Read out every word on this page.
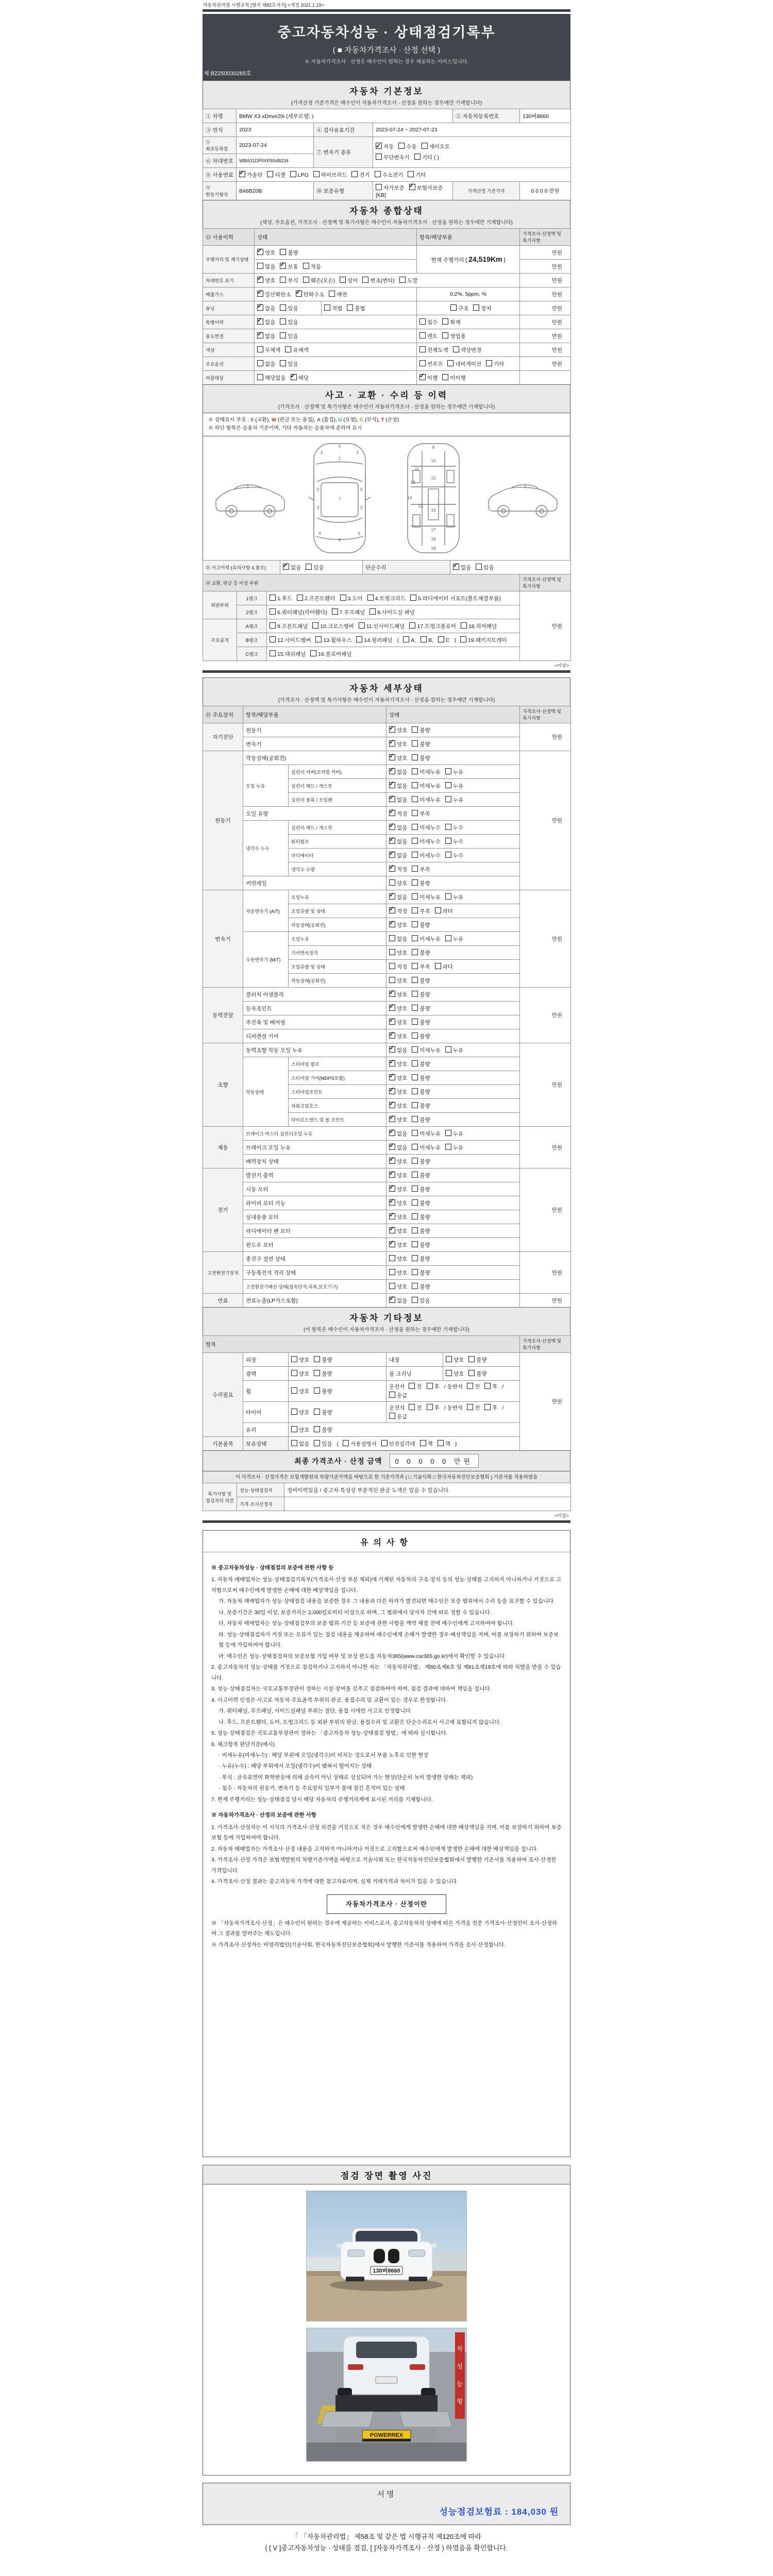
자동차관리법 시행규칙 [별지 제82호서식] <개정 2021.1.19>
중고자동차성능 · 상태점검기록부
( ■ 자동차가격조사 · 산정 선택 )
※ 자동차가격조사 · 산정은 매수인이 원하는 경우 제공하는 서비스입니다.
제 B2250030265호
자동차 기본정보
(가격산정 기준가격은 매수인이 자동차가격조사 · 산정을 원하는 경우에만 기재합니다)
① 차명	BMW X3 xDrive20i (세부모델: )			② 자동차등록번호	130버8660
③ 연식	2023	④ 검사유효기간	2023-07-24 ~ 2027-07-23		
⑤ 최초등록일	2023-07-24	⑦ 변속기 종류	
✓자동 수동 세미오토
무단변속기 기타 ( )

⑥ 차대번호	WBA31DP0XP9S48234				
⑧ 사용연료	✓가솔린 디젤 LPG 하이브리드 전기 수소전기 기타
⑨ 원동기형식	B46B20B	⑩ 보증유형	자가보증 ✓ 보험사보증[KB]	가격산정 기준가격	0 0 0 0 만원
자동차 종합상태
(색상, 주요옵션, 가격조사 · 산정액 및 특기사항은 매수인이 자동차가격조사 · 산정을 원하는 경우에만 기재합니다)
⑫ 사용이력	상태		항목/해당부품	가격조사·산정액 및 특기사항
주행거리 및 계기상태	✓양호 불량		현재 주행거리 [ 24,519Km ]	만원
	많음 ✓ 보통 적음			만원
차대번호 표기	✓양호 부식 훼손(오손) 상이 변조(변타) 도말			만원
배출가스	✓일산화탄소 ✓ 탄화수소 매연		0.2%, 5ppm, %	만원
튜닝	✓없음 있음	적법 불법	구조 장치	만원
특별이력	✓없음 있음		침수 화재	만원
용도변경	✓없음 있음		렌트 영업용	만원
색상	무채색 유채색		전체도색 색상변경	만원
주요옵션	없음 있음		썬루프 네비게이션 기타	만원
리콜대상	해당없음 ✓ 해당	✓이행 미이행	
사고 · 교환 · 수리 등 이력
(가격조사 · 산정액 및 특기사항은 매수인이 자동차가격조사 · 산정을 원하는 경우에만 기재합니다)
※ 상태표시 부호 : X (교환), W (판금 또는 용접), A (흠집), U (요철), C (부식), T (손상)
※ 하단 항목은 승용차 기준이며, 기타 자동차는 승용차에 준하여 표시
1
2	2
3	3
3	3
7
6	6
4
5	9
10
11
13
14
15
12
16
17
19
18
⑬ 사고이력 (유의사항 4.참조)	✓없음 있음	단순수리	✓없음 있음
⑭ 교환, 판금 등 이상 부위			가격조사·산정액 및 특기사항
외판부위	1랭크	1.후드 2.프론트휀더 3.도어 4.트렁크리드 5.라디에이터 서포트(볼트체결부품)	만원
	2랭크	6.쿼터패널(리어휀다) 7.루프패널 8.사이드실 패널	
주요골격	A랭크	9.프론트패널 10.크로스멤버 11.인사이드패널 17.트렁크플로어 18.리어패널	
	B랭크	12.사이드멤버 13.휠하우스 14.필러패널 ( A, B, C ) 19.패키지트레이	
	C랭크	15.대쉬패널 16.플로어패널	
<이상>
자동차 세부상태
(가격조사 · 산정액 및 특기사항은 매수인이 자동차가격조사 · 산정을 원하는 경우에만 기재합니다)
⑮ 주요장치	항목/해당부품		상태	가격조사·산정액 및 특기사항
자기진단	원동기	✓양호 불량	만원
	변속기	✓양호 불량
원동기	작동상태(공회전)	✓양호 불량	만원
	오일 누유	실린더 커버(로커암 커버)	✓없음 미세누유 누유
		실린더 헤드 / 개스킷	✓없음 미세누유 누유
		실린더 블록 / 오일팬	✓없음 미세누유 누유
	오일 유량	✓적정 부족
	냉각수 누수	실린더 헤드 / 개스킷	✓없음 미세누수 누수
		워터펌프	✓없음 미세누수 누수
		라디에이터	✓없음 미세누수 누수
		냉각수 수량	✓적정 부족
	커먼레일		양호 불량	
변속기	자동변속기 (A/T)	오일누유	✓없음 미세누유 누유	만원
		오일유량 및 상태	✓적정 부족 과다
		작동상태(공회전)	✓양호 불량
	수동변속기 (M/T)	오일누유	없음 미세누유 누유	
		기어변속장치	양호 불량	
		오일유량 및 상태	적정 부족 과다	
		작동상태(공회전)	양호 불량	
동력전달	클러치 어셈블리	✓양호 불량	만원
	등속조인트	✓양호 불량
	추진축 및 베어링	✓양호 불량
	디퍼렌셜 기어	✓양호 불량
조향	동력조향 작동 오일 누유	✓없음 미세누유 누유	만원
	작동상태	스티어링 펌프	✓양호 불량
		스티어링 기어(MDPS포함)	✓양호 불량
		스티어링조인트	✓양호 불량
		파워고압호스	✓양호 불량
		타이로드엔드 및 볼 조인트	✓양호 불량
제동	브레이크 마스터 실린더오일 누유	✓없음 미세누유 누유	만원
	브레이크 오일 누유	✓없음 미세누유 누유
	배력장치 상태	✓양호 불량
전기	발전기 출력	✓양호 불량	만원
	시동 모터	✓양호 불량
	와이퍼 모터 기능	✓양호 불량
	실내송풍 모터	✓양호 불량
	라디에이터 팬 모터	✓양호 불량
	윈도우 모터	✓양호 불량
고전원전기장치	충전구 절연 상태		양호 불량	만원
	구동축전지 격리 상태		양호 불량	
	고전원전기배선 상태(접속단자,피복,보호기구)		양호 불량	
연료	연료누출(LP가스포함)	✓없음 있음	만원
자동차 기타정보
(이 항목은 매수인이 자동차가격조사 · 산정을 원하는 경우에만 기재합니다)
항목					가격조사·산정액 및 특기사항
수리필요	외장	양호 불량	내장	양호 불량	만원
	광택	양호 불량	룸 크리닝	양호 불량	
	휠	양호 불량	운전석 전 후 / 동반석 전 후 /응급		
	타이어	양호 불량	운전석 전 후 / 동반석 전 후 /응급		
	유리	양호 불량			
기본품목	보유상태	없음 있음 ( 사용설명서 안전삼각대 잭 잭 )			
최종 가격조사 · 산정 금액	0 0 0 0 0 만원
이 가격조사 · 산정가격은 보험개발원의 차량기준가액을 바탕으로 한 기준가격과 ( □ 기술사회 □ 한국자동차진단보증협회 ) 기준서를 적용하였음
특기사항 및 점검자의 의견	성능·상태점검자	정비이력있음 / 중고차 특성상 부분적인 판금 도색은 있을 수 있습니다.
	가격·조사산정자	
<이상>
유의사항
※ 중고자동차성능 · 상태점검의 보증에 관한 사항 등
1. 자동차 매매업자는 성능·상태점검기록부(가격조사·산정 부분 제외)에 기재된 자동차의 구조·장치 등의 성능·상태를 고지하지 아니하거나 거짓으로 고지함으로써 매수인에게 발생한 손해에 대한 배상책임을 집니다.
가. 자동차 매매업자가 성능·상태점검 내용을 보증한 경우 그 내용과 다른 하자가 발견되면 매수인은 보증 범위에서 수리 등을 요구할 수 있습니다.
나. 보증기간은 30일 이상, 보증거리는 2,000킬로미터 이상으로 하며, 그 범위에서 당사자 간에 따로 정할 수 있습니다.
다. 자동차 매매업자는 성능·상태점검부의 보증 범위·기간 등 보증에 관한 사항을 계약 체결 전에 매수인에게 고지하여야 합니다.
라. 성능·상태점검자가 거짓 또는 오류가 있는 점검 내용을 제공하여 매수인에게 손해가 발생한 경우 배상책임을 지며, 이를 보장하기 위하여 보증보험 등에 가입하여야 합니다.
마. 매수인은 성능·상태점검자의 보증보험 가입 여부 및 보상 한도를 자동차365(www.car365.go.kr)에서 확인할 수 있습니다.
2. 중고자동차의 성능·상태를 거짓으로 점검하거나 고지하지 아니한 자는 「자동차관리법」 제80조제6호 및 제81조제19호에 따라 처벌을 받을 수 있습니다.
3. 성능·상태점검자는 국토교통부장관이 정하는 시설·장비를 갖추고 점검하여야 하며, 점검 결과에 대하여 책임을 집니다.
4. 사고이력 인정은 사고로 자동차 주요골격 부위의 판금, 용접수리 및 교환이 있는 경우로 한정합니다.
가. 쿼터패널, 루프패널, 사이드실패널 부위는 절단, 용접 시에만 사고로 인정합니다.
나. 후드, 프론트휀더, 도어, 트렁크리드 등 외판 부위의 판금, 용접수리 및 교환은 단순수리로서 사고에 포함되지 않습니다.
5. 성능·상태점검은 국토교통부장관이 정하는 「중고자동차 성능·상태점검 방법」에 따라 실시합니다.
6. 체크항목 판단기준(예시)
· 미세누유(미세누수) : 해당 부위에 오일(냉각수)이 비치는 정도로서 부품 노후로 인한 현상
· 누유(누수) : 해당 부위에서 오일(냉각수)이 맺혀서 떨어지는 상태
· 부식 : 금속표면이 화학반응에 의해 금속이 아닌 상태로 상실되어 가는 현상(단순히 녹이 발생한 상태는 제외)
· 침수 : 자동차의 원동기, 변속기 등 주요장치 일부가 물에 잠긴 흔적이 있는 상태
7. 현재 주행거리는 성능·상태점검 당시 해당 자동차의 주행거리계에 표시된 거리를 기재합니다.
※ 자동차가격조사 · 산정의 보증에 관한 사항
1. 가격조사·산정자는 이 서식의 가격조사·산정 의견을 거짓으로 적은 경우 매수인에게 발생한 손해에 대한 배상책임을 지며, 이를 보장하기 위하여 보증보험 등에 가입하여야 합니다.
2. 자동차 매매업자는 가격조사·산정 내용을 고지하지 아니하거나 거짓으로 고지함으로써 매수인에게 발생한 손해에 대한 배상책임을 집니다.
3. 가격조사·산정 가격은 보험개발원의 차량기준가액을 바탕으로 기술사회 또는 한국자동차진단보증협회에서 발행한 기준서를 적용하여 조사·산정한 가격입니다.
4. 가격조사·산정 결과는 중고자동차 가격에 대한 참고자료이며, 실제 거래가격과 차이가 있을 수 있습니다.
자동차가격조사 · 산정이란
※ 「자동차가격조사·산정」은 매수인이 원하는 경우에 제공하는 서비스로서, 중고자동차의 상태에 따른 가격을 전문 가격조사·산정인이 조사·산정하여 그 결과를 알려주는 제도입니다.
※ 가격조사·산정자는 비영리법인(기술사회, 한국자동차진단보증협회)에서 발행한 기준서를 적용하여 가격을 조사·산정합니다.
점검 장면 촬영 사진
130버8660
POWERREX
차
성
능
평
서명
성능점검보험료 : 184,030 원
「 「자동차관리법」 제58조 및 같은 법 시행규칙 제120조에 따라
( [ V ]중고자동차성능 · 상태를 점검, [ ]자동차가격조사 · 산정 ) 하였음을 확인합니다.
